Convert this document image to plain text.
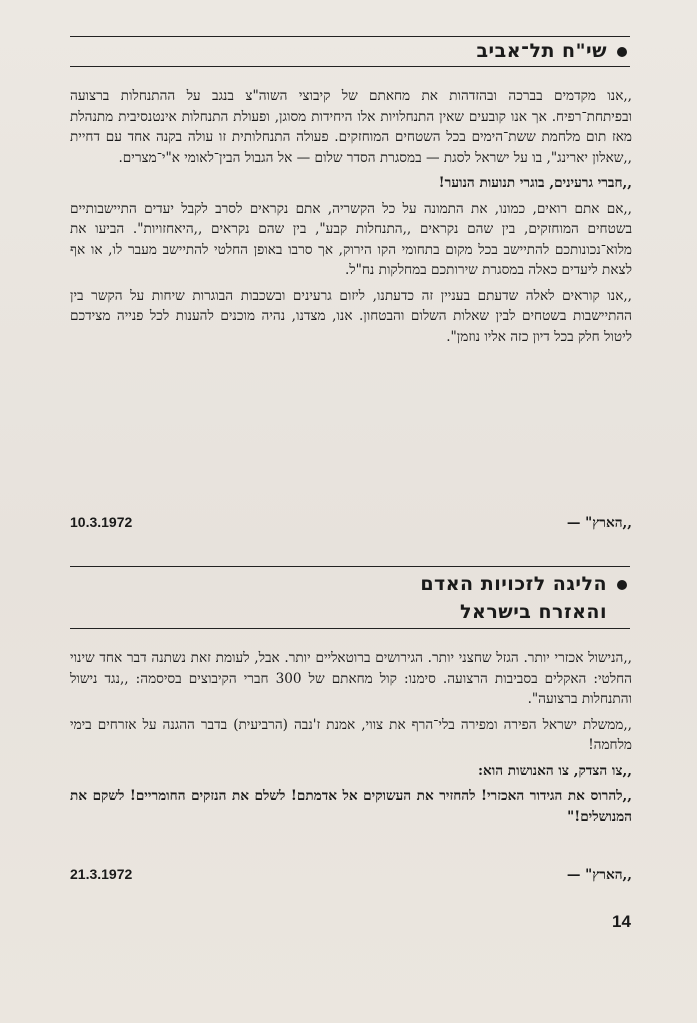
שי"ח תל־אביב

,,אנו מקדמים בברכה ובהזדהות את מחאתם של קיבוצי השוה"צ בנגב על ההתנחלות ברצועה ובפיתחת־רפיח. אך אנו קובעים שאין התנחלויות אלו היחידות מסוגן, ופעולת התנחלות אינטנסיבית מתנהלת מאז תום מלחמת ששת־הימים בכל השטחים המוחזקים. פעולה התנחלותית זו עולה בקנה אחד עם דחיית ,,שאלון יארינג", בו על ישראל לסגת — במסגרת הסדר שלום — אל הגבול הבין־לאומי א"י־מצרים.

,,חברי גרעינים, בוגרי תנועות הנוער!

,,אם אתם רואים, כמונו, את התמונה על כל הקשריה, אתם נקראים לסרב לקבל יעדים התיישבותיים בשטחים המוחזקים, בין שהם נקראים ,,התנחלות קבע", בין שהם נקראים ,,היאחזויות". הביעו את מלוא־נכונותכם להתיישב בכל מקום בתחומי הקו הירוק, אך סרבו באופן החלטי להתיישב מעבר לו, או אף לצאת ליעדים כאלה במסגרת שירותכם במחלקות נח"ל.

,,אנו קוראים לאלה שדעתם בעניין זה כדעתנו, ליזום גרעינים ובשכבות הבוגרות שיחות על הקשר בין ההתיישבות בשטחים לבין שאלות השלום והבטחון. אנו, מצדנו, נהיה מוכנים להענות לכל פנייה מצידכם ליטול חלק בכל דיון כזה אליו נוזמן".

,,הארץ" —
10.3.1972
הליגה לזכויות האדם
והאזרח בישראל

,,הנישול אכזרי יותר. הגזל שחצני יותר. הגירושים ברוטאליים יותר. אבל, לעומת זאת נשתנה דבר אחד שינוי החלטי: האקלים בסביבות הרצועה. סימנו: קול מחאתם של 300 חברי הקיבוצים בסיסמה: ,,נגד נישול והתנחלות ברצועה".

,,ממשלת ישראל הפירה ומפירה בלי־הרף את צווי, אמנת ז'נבה (הרביעית) בדבר ההגנה על אזרחים בימי מלחמה!

,,צו הצדק, צו האנושות הוא:

,,להרוס את הגידור האכזרי! להחזיר את העשוקים אל אדמתם! לשלם את הנזקים החומריים! לשקם את המנושלים!"

,,הארץ" —
21.3.1972
14
